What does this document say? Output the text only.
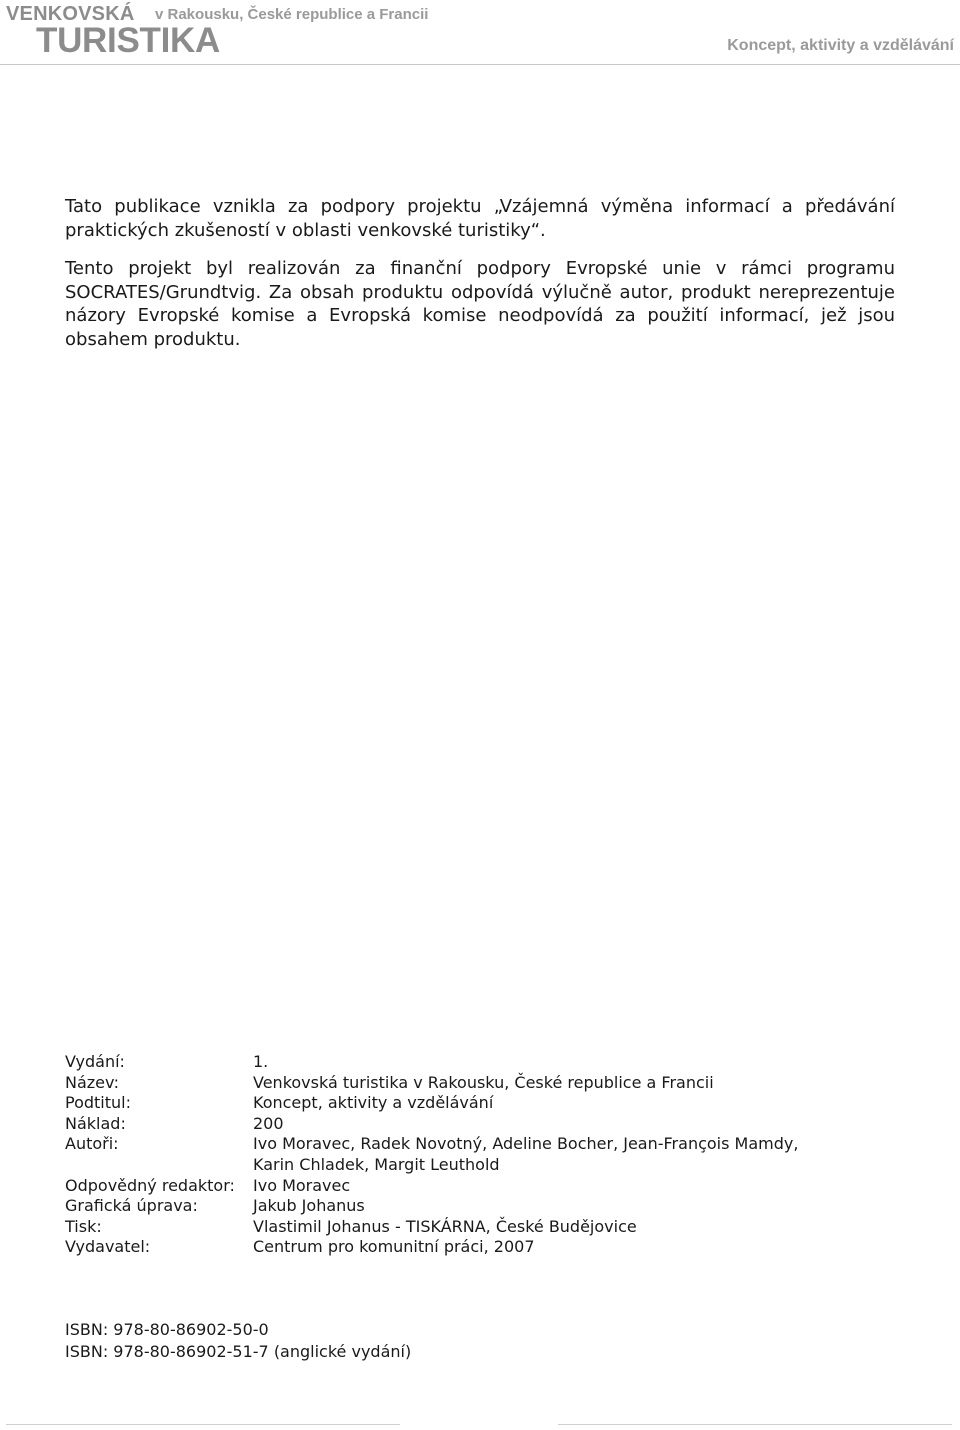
VENKOVSKÁ v Rakousku, České republice a Francii
TURISTIKA	Koncept, aktivity a vzdělávání

Tato publikace vznikla za podpory projektu „Vzájemná výměna informací a předávání praktických zkušeností v oblasti venkovské turistiky“.

Tento projekt byl realizován za finanční podpory Evropské unie v rámci programu SOCRATES/Grundtvig. Za obsah produktu odpovídá výlučně autor, produkt nereprezentuje názory Evropské komise a Evropská komise neodpovídá za použití informací, jež jsou obsahem produktu.

Vydání:	1.
Název:	Venkovská turistika v Rakousku, České republice a Francii
Podtitul:	Koncept, aktivity a vzdělávání
Náklad:	200
Autoři:	Ivo Moravec, Radek Novotný, Adeline Bocher, Jean-François Mamdy,
Karin Chladek, Margit Leuthold
Odpovědný redaktor:	Ivo Moravec
Grafická úprava:	Jakub Johanus
Tisk:	Vlastimil Johanus - TISKÁRNA, České Budějovice
Vydavatel:	Centrum pro komunitní práci, 2007
ISBN: 978-80-86902-50-0
ISBN: 978-80-86902-51-7 (anglické vydání)
